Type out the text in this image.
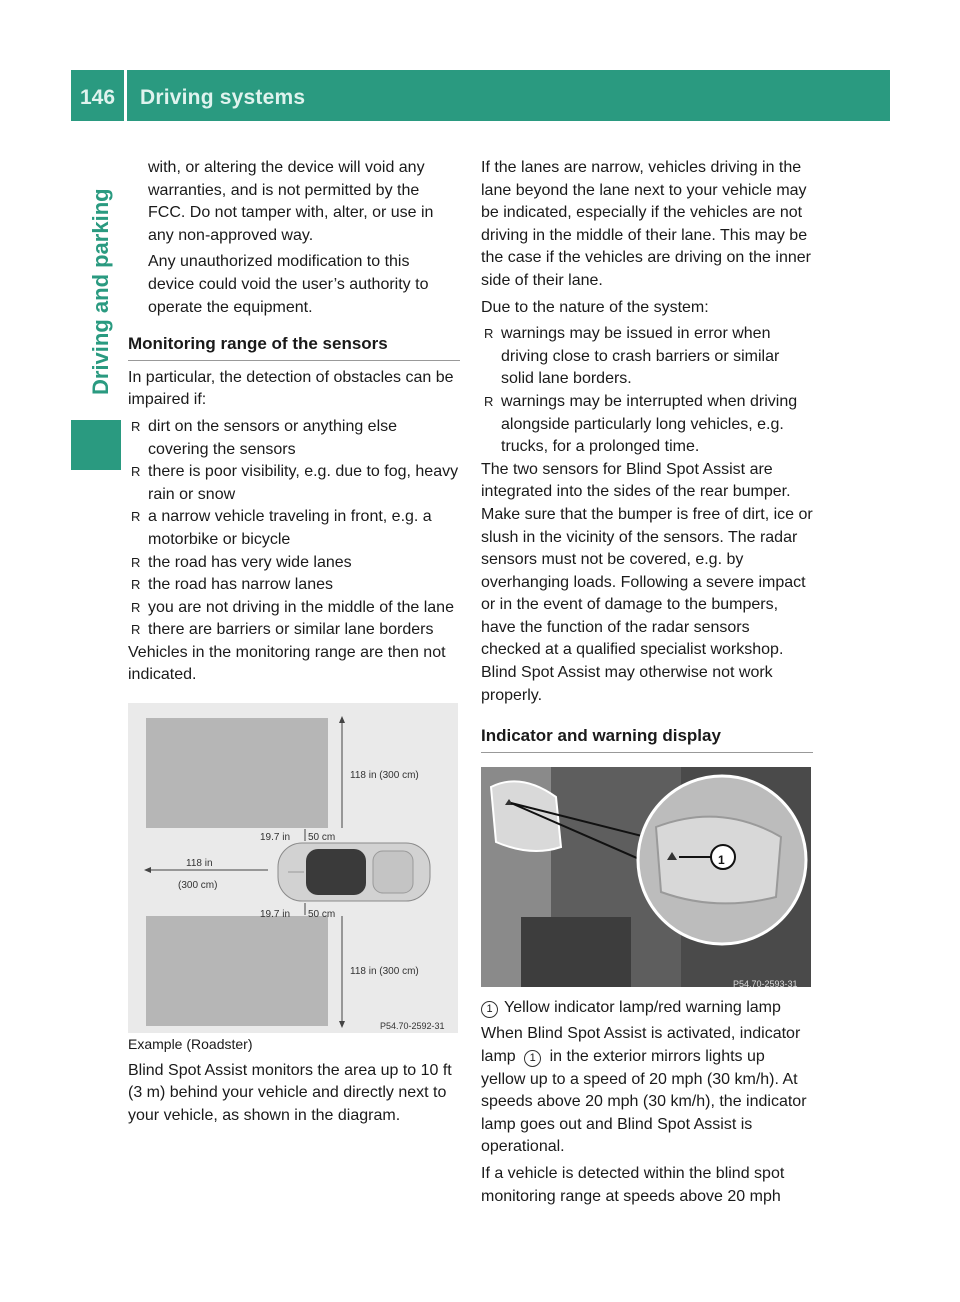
146 Driving systems
Driving and parking

with, or altering the device will void any warranties, and is not permitted by the FCC. Do not tamper with, alter, or use in any non-approved way.

Any unauthorized modification to this device could void the user’s authority to operate the equipment.

Monitoring range of the sensors

In particular, the detection of obstacles can be impaired if:

R dirt on the sensors or anything else covering the sensors
R there is poor visibility, e.g. due to fog, heavy rain or snow
R a narrow vehicle traveling in front, e.g. a motorbike or bicycle
R the road has very wide lanes
R the road has narrow lanes
R you are not driving in the middle of the lane
R there are barriers or similar lane borders

Vehicles in the monitoring range are then not indicated.

118 in (300 cm)
19.7 in 50 cm
118 in
(300 cm)
19.7 in 50 cm
118 in (300 cm)
P54.70-2592-31

Example (Roadster)

Blind Spot Assist monitors the area up to 10 ft (3 m) behind your vehicle and directly next to your vehicle, as shown in the diagram.

If the lanes are narrow, vehicles driving in the lane beyond the lane next to your vehicle may be indicated, especially if the vehicles are not driving in the middle of their lane. This may be the case if the vehicles are driving on the inner side of their lane.

Due to the nature of the system:

R warnings may be issued in error when driving close to crash barriers or similar solid lane borders.
R warnings may be interrupted when driving alongside particularly long vehicles, e.g. trucks, for a prolonged time.

The two sensors for Blind Spot Assist are integrated into the sides of the rear bumper. Make sure that the bumper is free of dirt, ice or slush in the vicinity of the sensors. The radar sensors must not be covered, e.g. by overhanging loads. Following a severe impact or in the event of damage to the bumpers, have the function of the radar sensors checked at a qualified specialist workshop. Blind Spot Assist may otherwise not work properly.

Indicator and warning display
1
P54.70-2593-31

1 Yellow indicator lamp/red warning lamp

When Blind Spot Assist is activated, indicator lamp 1 in the exterior mirrors lights up yellow up to a speed of 20 mph (30 km/h). At speeds above 20 mph (30 km/h), the indicator lamp goes out and Blind Spot Assist is operational.

If a vehicle is detected within the blind spot monitoring range at speeds above 20 mph
